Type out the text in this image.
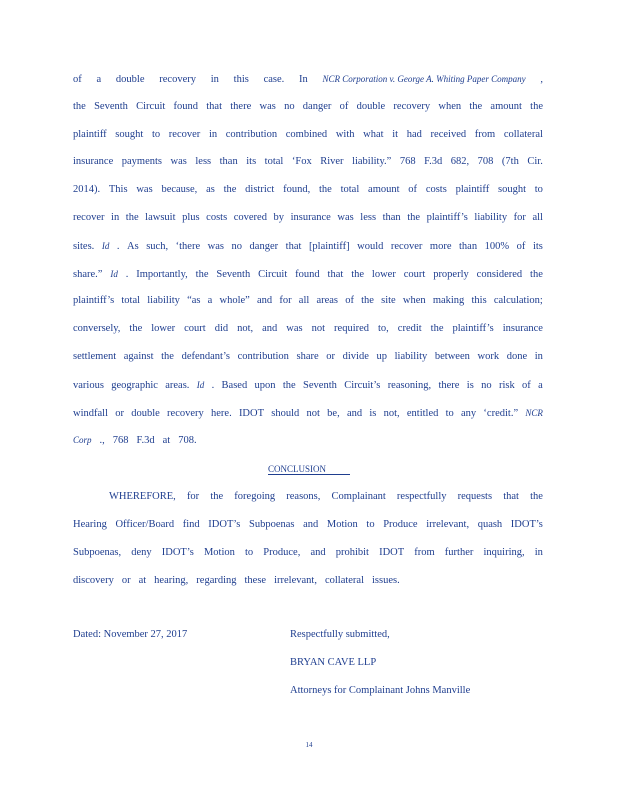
of a double recovery in this case. In NCR Corporation v. George A. Whiting Paper Company ,
the Seventh Circuit found that there was no danger of double recovery when the amount the
plaintiff sought to recover in contribution combined with what it had received from collateral
insurance payments was less than its total ‘Fox River liability.” 768 F.3d 682, 708 (7th Cir.
2014). This was because, as the district found, the total amount of costs plaintiff sought to
recover in the lawsuit plus costs covered by insurance was less than the plaintiff’s liability for all
sites. Id . As such, ‘there was no danger that [plaintiff] would recover more than 100% of its
share.” Id . Importantly, the Seventh Circuit found that the lower court properly considered the
plaintiff’s total liability “as a whole” and for all areas of the site when making this calculation;
conversely, the lower court did not, and was not required to, credit the plaintiff’s insurance
settlement against the defendant’s contribution share or divide up liability between work done in
various geographic areas. Id . Based upon the Seventh Circuit’s reasoning, there is no risk of a
windfall or double recovery here. IDOT should not be, and is not, entitled to any ‘credit.” NCR
Corp ., 768 F.3d at 708.
CONCLUSION
WHEREFORE, for the foregoing reasons, Complainant respectfully requests that the
Hearing Officer/Board find IDOT’s Subpoenas and Motion to Produce irrelevant, quash IDOT’s
Subpoenas, deny IDOT’s Motion to Produce, and prohibit IDOT from further inquiring, in
discovery or at hearing, regarding these irrelevant, collateral issues.
Dated: November 27, 2017	Respectfully submitted,
BRYAN CAVE LLP
Attorneys for Complainant Johns Manville
14
